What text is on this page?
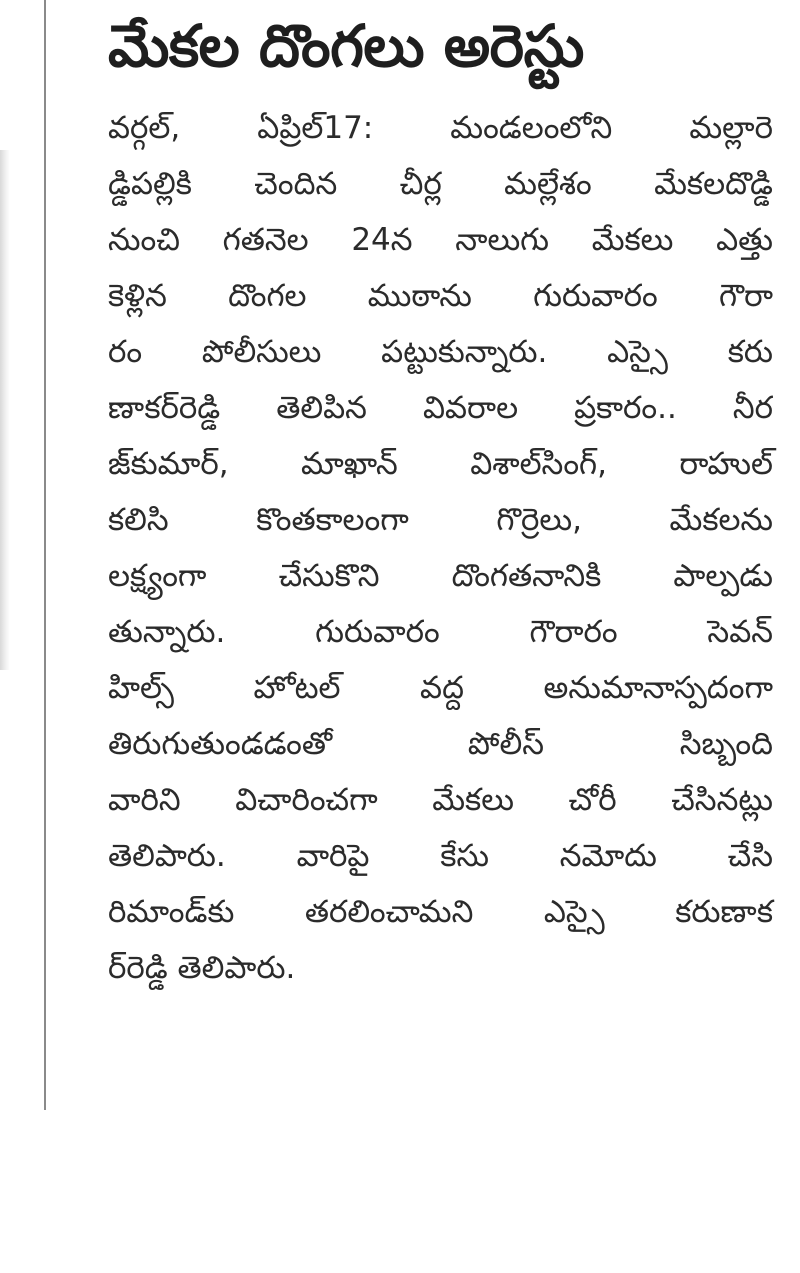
మేకల దొంగలు అరెస్టు
వర్గల్, ఏప్రిల్17: మండలంలోని మల్లారె
డ్డిపల్లికి చెందిన చీర్ల మల్లేశం మేకలదొడ్డి
నుంచి గతనెల 24న నాలుగు మేకలు ఎత్తు
కెళ్లిన దొంగల ముఠాను గురువారం గౌరా
రం పోలీసులు పట్టుకున్నారు. ఎస్సై కరు
ణాకర్‌రెడ్డి తెలిపిన వివరాల ప్రకారం.. నీర
జ్‌కుమార్, మాఖాన్ విశాల్‌సింగ్, రాహుల్
కలిసి కొంతకాలంగా గొర్రెలు, మేకలను
లక్ష్యంగా చేసుకొని దొంగతనానికి పాల్పడు
తున్నారు. గురువారం గౌరారం సెవన్
హిల్స్ హోటల్ వద్ద అనుమానాస్పదంగా
తిరుగుతుండడంతో పోలీస్ సిబ్బంది
వారిని విచారించగా మేకలు చోరీ చేసినట్లు
తెలిపారు. వారిపై కేసు నమోదు చేసి
రిమాండ్‌కు తరలించామని ఎస్సై కరుణాక
ర్‌రెడ్డి తెలిపారు.
